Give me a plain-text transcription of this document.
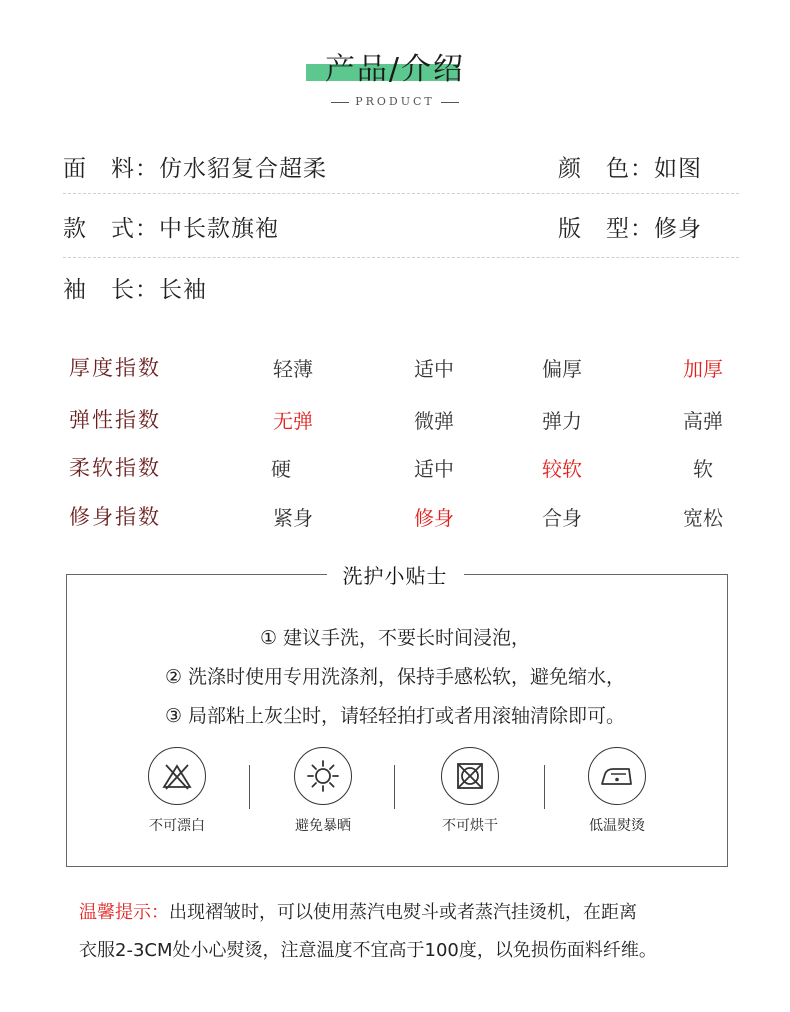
产品/介绍
PRODUCT
面　料：仿水貂复合超柔	颜　色：如图
款　式：中长款旗袍	版　型：修身
袖　长：长袖
厚度指数	轻薄	适中	偏厚	加厚
弹性指数	无弹	微弹	弹力	高弹
柔软指数	硬	适中	较软	软
修身指数	紧身	修身	合身	宽松
洗护小贴士
① 建议手洗，不要长时间浸泡，
② 洗涤时使用专用洗涤剂，保持手感松软，避免缩水，
③ 局部粘上灰尘时，请轻轻拍打或者用滚轴清除即可。
不可漂白	避免暴晒	不可烘干	低温熨烫
温馨提示：出现褶皱时，可以使用蒸汽电熨斗或者蒸汽挂烫机，在距离
衣服2-3CM处小心熨烫，注意温度不宜高于100度，以免损伤面料纤维。
